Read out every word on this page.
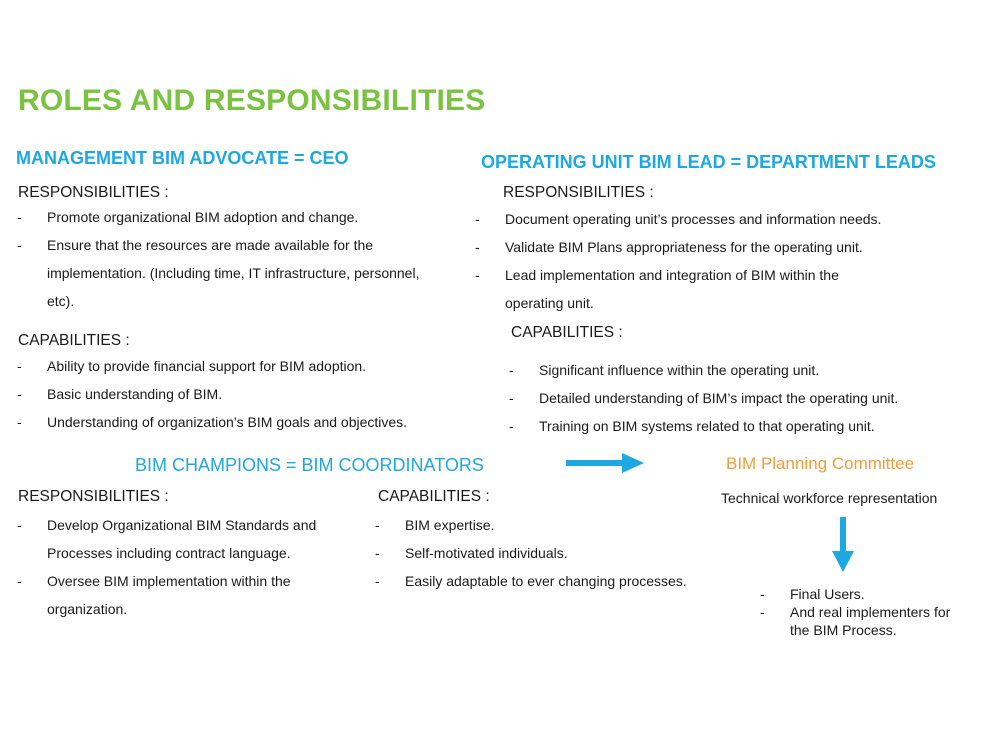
ROLES AND RESPONSIBILITIES
MANAGEMENT BIM ADVOCATE = CEO
RESPONSIBILITIES :
- Promote organizational BIM adoption and change.
- Ensure that the resources are made available for the
implementation. (Including time, IT infrastructure, personnel,
etc).
CAPABILITIES :
- Ability to provide financial support for BIM adoption.
- Basic understanding of BIM.
- Understanding of organization’s BIM goals and objectives.
OPERATING UNIT BIM LEAD = DEPARTMENT LEADS
RESPONSIBILITIES :
- Document operating unit’s processes and information needs.
- Validate BIM Plans appropriateness for the operating unit.
- Lead implementation and integration of BIM within the
operating unit.
CAPABILITIES :
- Significant influence within the operating unit.
- Detailed understanding of BIM’s impact the operating unit.
- Training on BIM systems related to that operating unit.
BIM CHAMPIONS = BIM COORDINATORS
RESPONSIBILITIES :
- Develop Organizational BIM Standards and
Processes including contract language.
- Oversee BIM implementation within the
organization.
CAPABILITIES :
- BIM expertise.
- Self-motivated individuals.
- Easily adaptable to ever changing processes.
BIM Planning Committee
Technical workforce representation
- Final Users.
- And real implementers for
the BIM Process.
